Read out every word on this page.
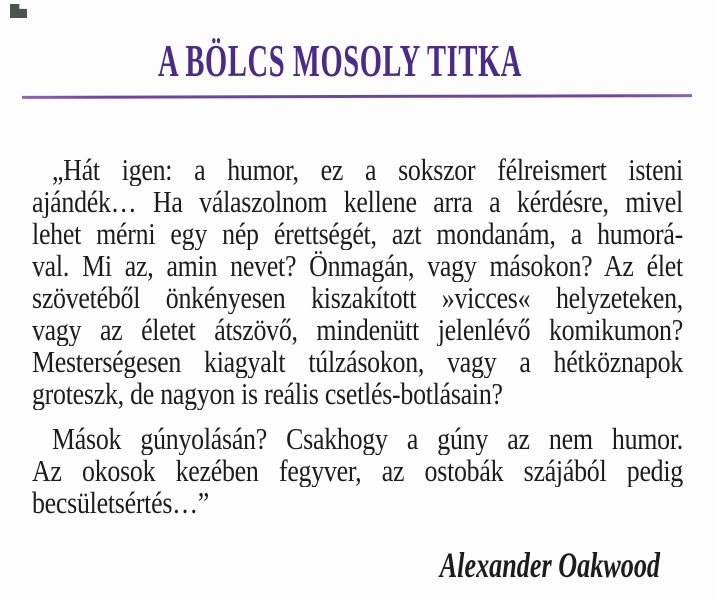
A BÖLCS MOSOLY TITKA
„Hát igen: a humor, ez a sokszor félreismert isteni
ajándék… Ha válaszolnom kellene arra a kérdésre, mivel
lehet mérni egy nép érettségét, azt mondanám, a humorá-
val. Mi az, amin nevet? Önmagán, vagy másokon? Az élet
szövetéből önkényesen kiszakított »vicces« helyzeteken,
vagy az életet átszövő, mindenütt jelenlévő komikumon?
Mesterségesen kiagyalt túlzásokon, vagy a hétköznapok
groteszk, de nagyon is reális csetlés-botlásain?
Mások gúnyolásán? Csakhogy a gúny az nem humor.
Az okosok kezében fegyver, az ostobák szájából pedig
becsületsértés…”
Alexander Oakwood
